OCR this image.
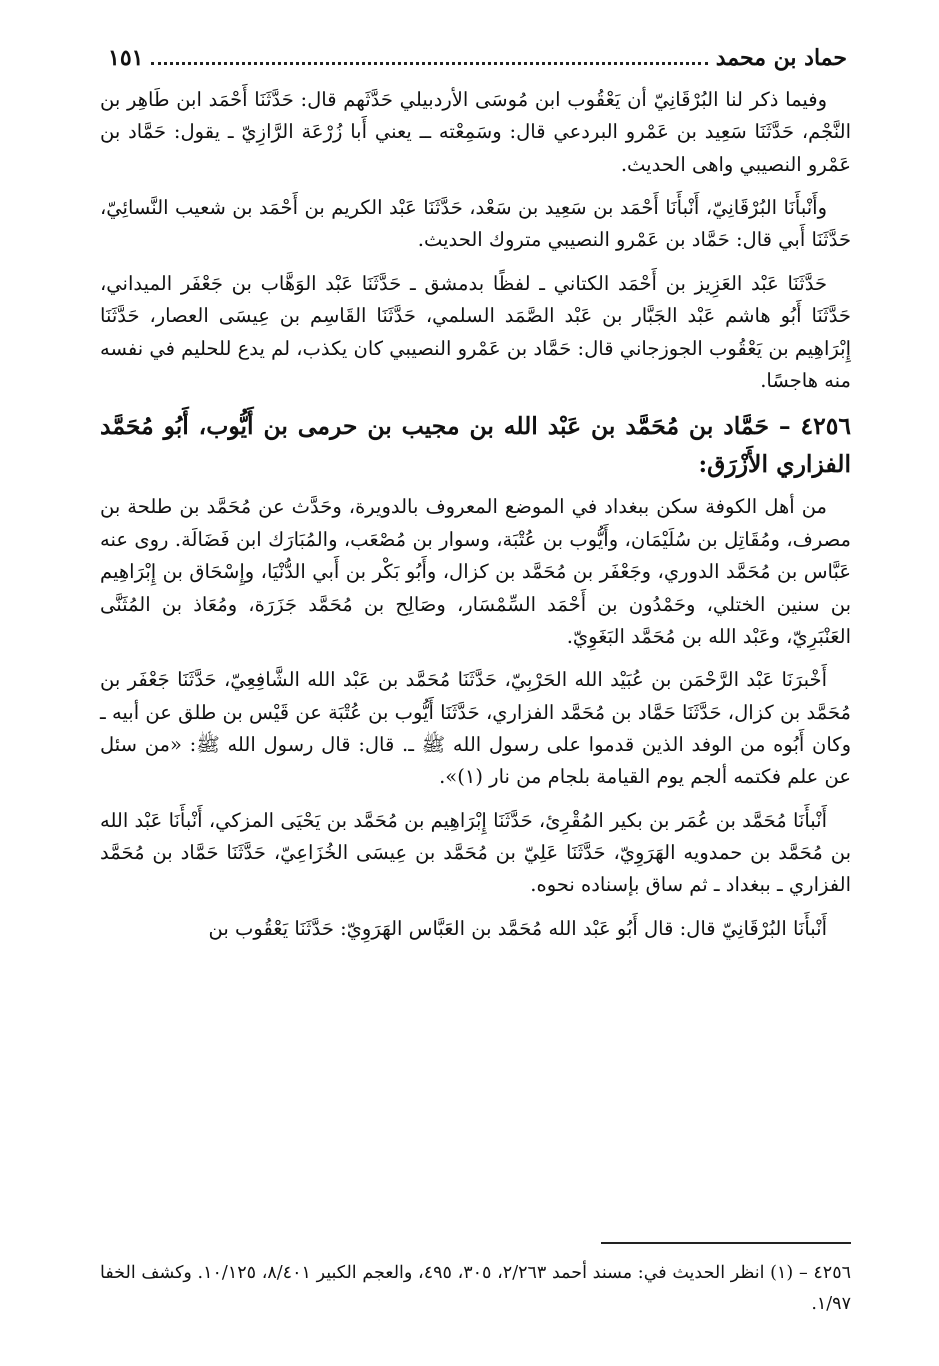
حماد بن محمد
١٥١

وفيما ذكر لنا البُرْقَانِيّ أن يَعْقُوب ابن مُوسَى الأردبيلي حَدَّثَهم قال: حَدَّثَنَا أَحْمَد ابن طَاهِر بن النَّجْم، حَدَّثَنَا سَعِيد بن عَمْرو البردعي قال: وسَمِعْته ــ يعني أَبا زُرْعَة الرَّازِيّ ـ يقول: حَمَّاد بن عَمْرو النصيبي واهى الحديث.

وأَنْبأَنَا البُرْقَانِيّ، أَنْبأَنَا أَحْمَد بن سَعِيد بن سَعْد، حَدَّثَنَا عَبْد الكريم بن أَحْمَد بن شعيب النَّسائِيّ، حَدَّثَنَا أَبي قال: حَمَّاد بن عَمْرو النصيبي متروك الحديث.

حَدَّثَنَا عَبْد العَزِيز بن أَحْمَد الكتاني ـ لفظًا بدمشق ـ حَدَّثَنَا عَبْد الوَهَّاب بن جَعْفَر الميداني، حَدَّثَنَا أَبُو هاشم عَبْد الجَبَّار بن عَبْد الصَّمَد السلمي، حَدَّثَنَا القَاسِم بن عِيسَى العصار، حَدَّثَنَا إِبْرَاهِيم بن يَعْقُوب الجوزجاني قال: حَمَّاد بن عَمْرو النصيبي كان يكذب، لم يدع للحليم في نفسه منه هاجسًا.

٤٢٥٦ – حَمَّاد بن مُحَمَّد بن عَبْد الله بن مجيب بن حرمى بن أَيُّوب، أَبُو مُحَمَّد الفزاري الأَزْرَق:

من أهل الكوفة سكن ببغداد في الموضع المعروف بالدويرة، وحَدَّث عن مُحَمَّد بن طلحة بن مصرف، ومُقَاتِل بن سُلَيْمَان، وأَيُّوب بن عُتْبَة، وسوار بن مُصْعَب، والمُبَارَك ابن فَضَالَة. روى عنه عَبَّاس بن مُحَمَّد الدوري، وجَعْفَر بن مُحَمَّد بن كزال، وأَبُو بَكْر بن أَبي الدُّنْيَا، وإِسْحَاق بن إِبْرَاهِيم بن سنين الختلي، وحَمْدُون بن أَحْمَد السِّمْسَار، وصَالِح بن مُحَمَّد جَزَرَة، ومُعَاذ بن المُثَنَّى العَنْبَرِيّ، وعَبْد الله بن مُحَمَّد البَغَوِيّ.

أَخْبرَنَا عَبْد الرَّحْمَن بن عُبَيْد الله الحَرْبِيّ، حَدَّثَنَا مُحَمَّد بن عَبْد الله الشَّافِعِيّ، حَدَّثَنَا جَعْفَر بن مُحَمَّد بن كزال، حَدَّثَنَا حَمَّاد بن مُحَمَّد الفزاري، حَدَّثَنَا أَيُّوب بن عُتْبَة عن قَيْس بن طلق عن أبيه ـ وكان أَبُوه من الوفد الذين قدموا على رسول الله ﷺ ـ. قال: قال رسول الله ﷺ: «من سئل عن علم فكتمه ألجم يوم القيامة بلجام من نار (١)».

أَنْبأَنَا مُحَمَّد بن عُمَر بن بكير المُقْرِئ، حَدَّثَنَا إِبْرَاهِيم بن مُحَمَّد بن يَحْيَى المزكي، أَنْبأَنَا عَبْد الله بن مُحَمَّد بن حمدويه الهَرَوِيّ، حَدَّثَنَا عَلِيّ بن مُحَمَّد بن عِيسَى الخُزَاعِيّ، حَدَّثَنَا حَمَّاد بن مُحَمَّد الفزاري ـ ببغداد ـ ثم ساق بإسناده نحوه.

أَنْبأَنَا البُرْقَانِيّ قال: قال أَبُو عَبْد الله مُحَمَّد بن العَبَّاس الهَرَوِيّ: حَدَّثَنَا يَعْقُوب بن

٤٢٥٦ – (١) انظر الحديث في: مسند أحمد ٢/٢٦٣، ٣٠٥، ٤٩٥، والعجم الكبير ٨/٤٠١، ١٠/١٢٥. وكشف الخفا ١/٩٧.
